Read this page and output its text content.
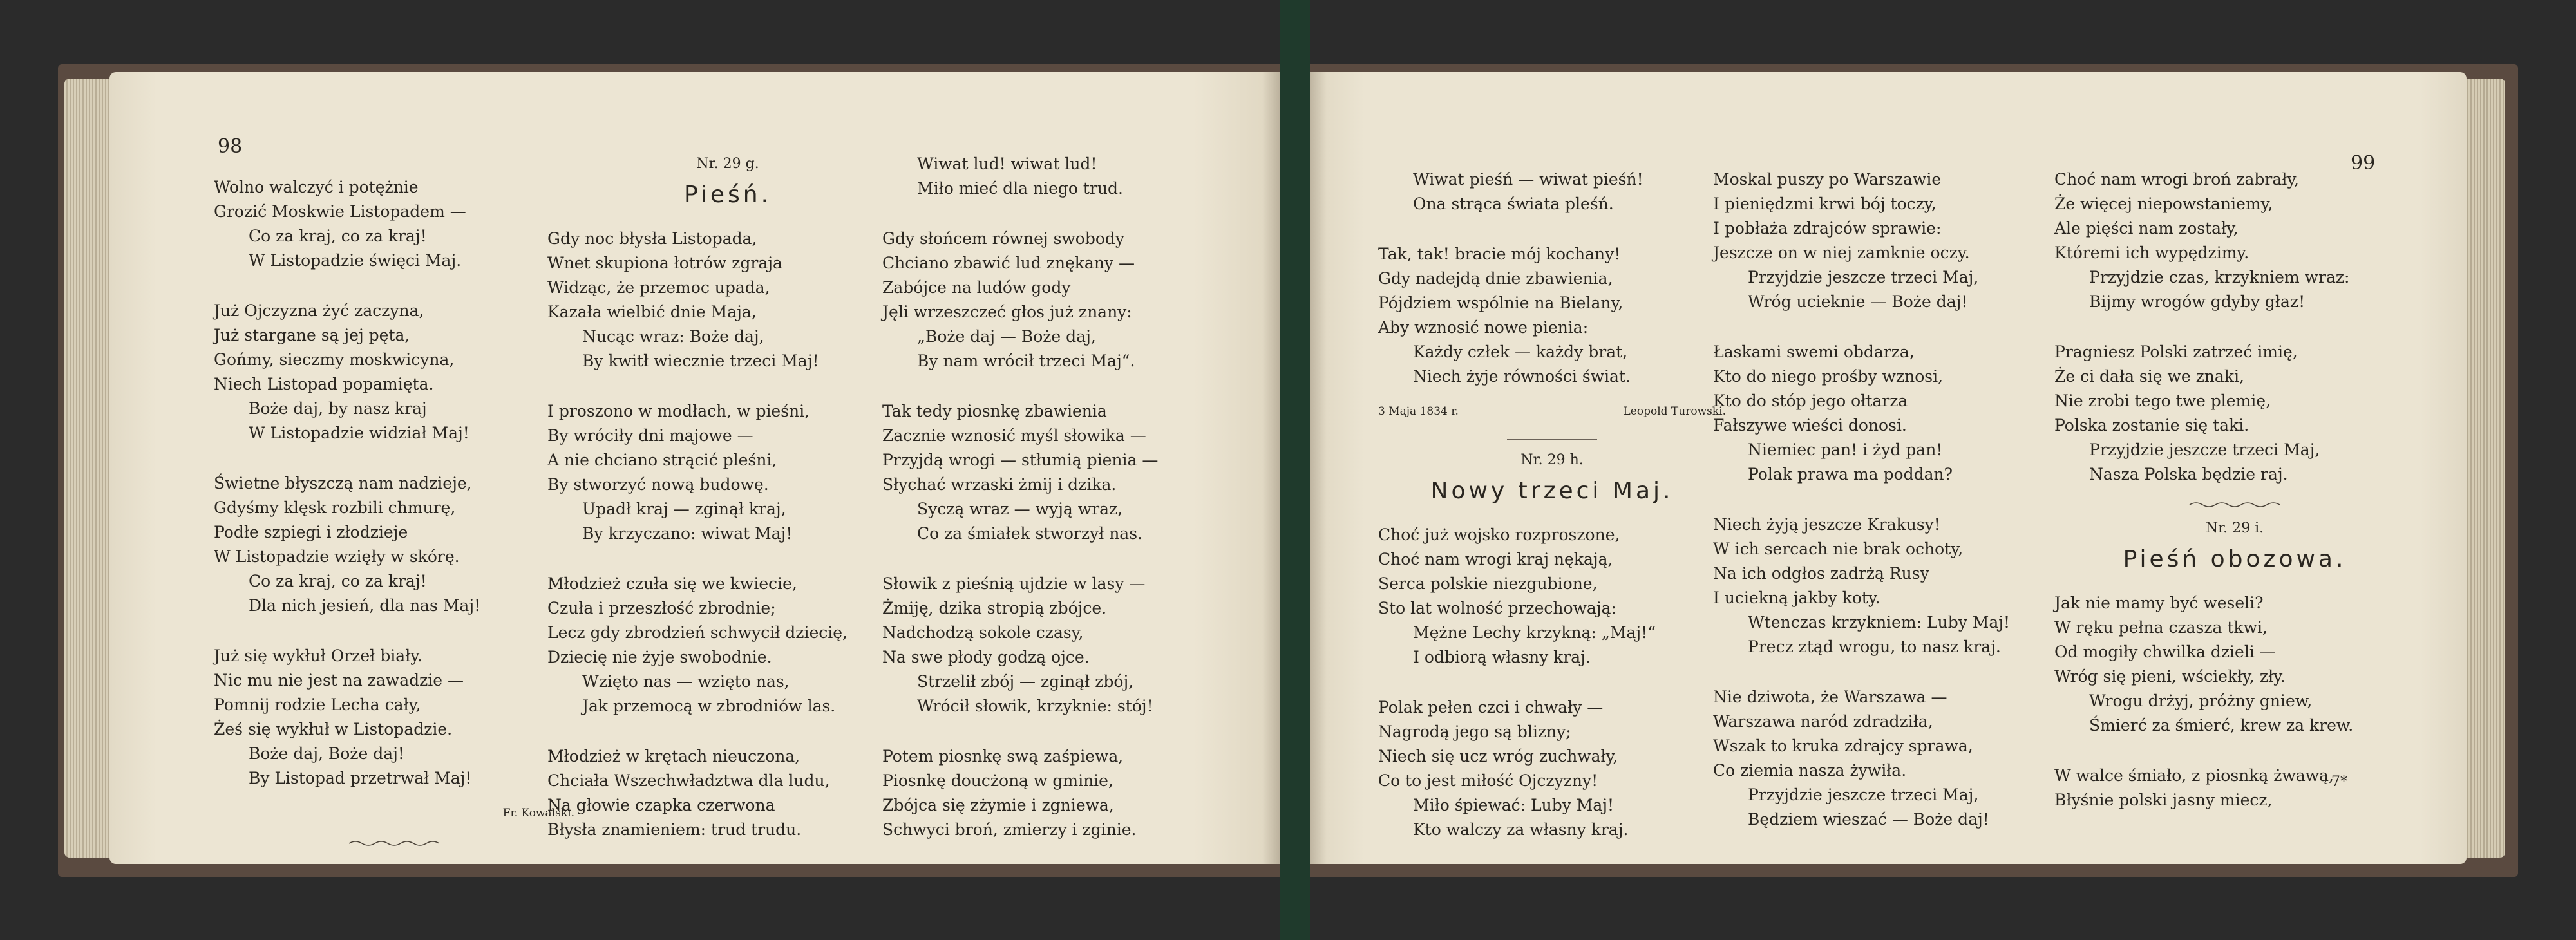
98
Wolno walczyć i potężnie
Grozić Moskwie Listopadem —
Co za kraj, co za kraj!
W Listopadzie święci Maj.
Już Ojczyzna żyć zaczyna,
Już stargane są jej pęta,
Gońmy, sieczmy moskwicyna,
Niech Listopad popamięta.
Boże daj, by nasz kraj
W Listopadzie widział Maj!
Świetne błyszczą nam nadzieje,
Gdyśmy klęsk rozbili chmurę,
Podłe szpiegi i złodzieje
W Listopadzie wzięły w skórę.
Co za kraj, co za kraj!
Dla nich jesień, dla nas Maj!
Już się wykłuł Orzeł biały.
Nic mu nie jest na zawadzie —
Pomnij rodzie Lecha cały,
Żeś się wykłuł w Listopadzie.
Boże daj, Boże daj!
By Listopad przetrwał Maj!
Fr. Kowalski.
Nr. 29 g.
Pieśń.
Gdy noc błysła Listopada,
Wnet skupiona łotrów zgraja
Widząc, że przemoc upada,
Kazała wielbić dnie Maja,
Nucąc wraz: Boże daj,
By kwitł wiecznie trzeci Maj!
I proszono w modłach, w pieśni,
By wróciły dni majowe —
A nie chciano strącić pleśni,
By stworzyć nową budowę.
Upadł kraj — zginął kraj,
By krzyczano: wiwat Maj!
Młodzież czuła się we kwiecie,
Czuła i przeszłość zbrodnie;
Lecz gdy zbrodzień schwycił dziecię,
Dziecię nie żyje swobodnie.
Wzięto nas — wzięto nas,
Jak przemocą w zbrodniów las.
Młodzież w krętach nieuczona,
Chciała Wszechwładztwa dla ludu,
Na głowie czapka czerwona
Błysła znamieniem: trud trudu.
Wiwat lud! wiwat lud!
Miło mieć dla niego trud.
Gdy słońcem równej swobody
Chciano zbawić lud znękany —
Zabójce na ludów gody
Jęli wrzeszczeć głos już znany:
„Boże daj — Boże daj,
By nam wrócił trzeci Maj“.
Tak tedy piosnkę zbawienia
Zacznie wznosić myśl słowika —
Przyjdą wrogi — stłumią pienia —
Słychać wrzaski żmij i dzika.
Syczą wraz — wyją wraz,
Co za śmiałek stworzył nas.
Słowik z pieśnią ujdzie w lasy —
Żmiję, dzika stropią zbójce.
Nadchodzą sokole czasy,
Na swe płody godzą ojce.
Strzelił zbój — zginął zbój,
Wrócił słowik, krzyknie: stój!
Potem piosnkę swą zaśpiewa,
Piosnkę doucżoną w gminie,
Zbójca się zżymie i zgniewa,
Schwycі broń, zmierzy i zginie.
99
7*
Wiwat pieśń — wiwat pieśń!
Ona strąca świata pleśń.
Tak, tak! bracie mój kochany!
Gdy nadejdą dnie zbawienia,
Pójdziem wspólnie na Bielany,
Aby wznosić nowe pienia:
Każdy człek — każdy brat,
Niech żyje równości świat.
3 Maja 1834 r.	Leopold Turowski.
Nr. 29 h.
Nowy trzeci Maj.
Choć już wojsko rozproszone,
Choć nam wrogi kraj nękają,
Serca polskie niezgubione,
Sto lat wolność przechowają:
Mężne Lechy krzykną: „Maj!“
I odbiorą własny kraj.
Polak pełen czci i chwały —
Nagrodą jego są blizny;
Niech się ucz wróg zuchwały,
Co to jest miłość Ojczyzny!
Miło śpiewać: Luby Maj!
Kto walczy za własny kraj.
Moskal puszy po Warszawie
I pieniędzmi krwi bój toczy,
I pobłaża zdrajców sprawie:
Jeszcze on w niej zamknie oczy.
Przyjdzie jeszcze trzeci Maj,
Wróg ucieknie — Boże daj!
Łaskami swemi obdarza,
Kto do niego prośby wznosi,
Kto do stóp jego ołtarza
Fałszywe wieści donosi.
Niemiec pan! i żyd pan!
Polak prawa ma poddan?
Niech żyją jeszcze Krakusy!
W ich sercach nie brak ochoty,
Na ich odgłos zadrżą Rusy
I uciekną jakby koty.
Wtenczas krzykniem: Luby Maj!
Precz ztąd wrogu, to nasz kraj.
Nie dziwota, że Warszawa —
Warszawa naród zdradziła,
Wszak to kruka zdrajcy sprawa,
Co ziemia nasza żywiła.
Przyjdzie jeszcze trzeci Maj,
Będziem wieszać — Boże daj!
Choć nam wrogi broń zabrały,
Że więcej niepowstaniemy,
Ale pięści nam zostały,
Któremi ich wypędzimy.
Przyjdzie czas, krzykniem wraz:
Bijmy wrogów gdyby głaz!
Pragniesz Polski zatrzeć imię,
Że ci dała się we znaki,
Nie zrobi tego twe plemię,
Polska zostanie się taki.
Przyjdzie jeszcze trzeci Maj,
Nasza Polska będzie raj.
Nr. 29 i.
Pieśń obozowa.
Jak nie mamy być weseli?
W ręku pełna czasza tkwi,
Od mogiły chwilka dzieli —
Wróg się pieni, wściekły, zły.
Wrogu drżyj, próżny gniew,
Śmierć za śmierć, krew za krew.
W walce śmiało, z piosnką żwawą,
Błyśnie polski jasny miecz,
